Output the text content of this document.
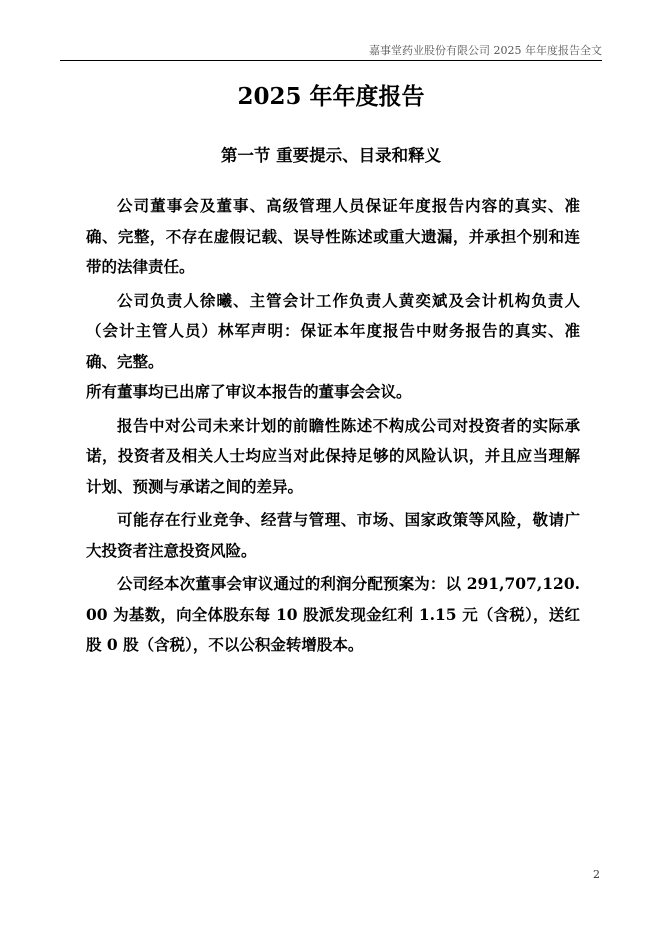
嘉事堂药业股份有限公司 2025 年年度报告全文
2025 年年度报告
第一节 重要提示、目录和释义

公司董事会及董事、高级管理人员保证年度报告内容的真实、准确、完整，不存在虚假记载、误导性陈述或重大遗漏，并承担个别和连带的法律责任。

公司负责人徐曦、主管会计工作负责人黄奕斌及会计机构负责人（会计主管人员）林军声明：保证本年度报告中财务报告的真实、准确、完整。

所有董事均已出席了审议本报告的董事会会议。

报告中对公司未来计划的前瞻性陈述不构成公司对投资者的实际承诺，投资者及相关人士均应当对此保持足够的风险认识，并且应当理解计划、预测与承诺之间的差异。

可能存在行业竞争、经营与管理、市场、国家政策等风险，敬请广大投资者注意投资风险。

公司经本次董事会审议通过的利润分配预案为：以 291,707,120.00 为基数，向全体股东每 10 股派发现金红利 1.15 元（含税），送红股 0 股（含税），不以公积金转增股本。

2
